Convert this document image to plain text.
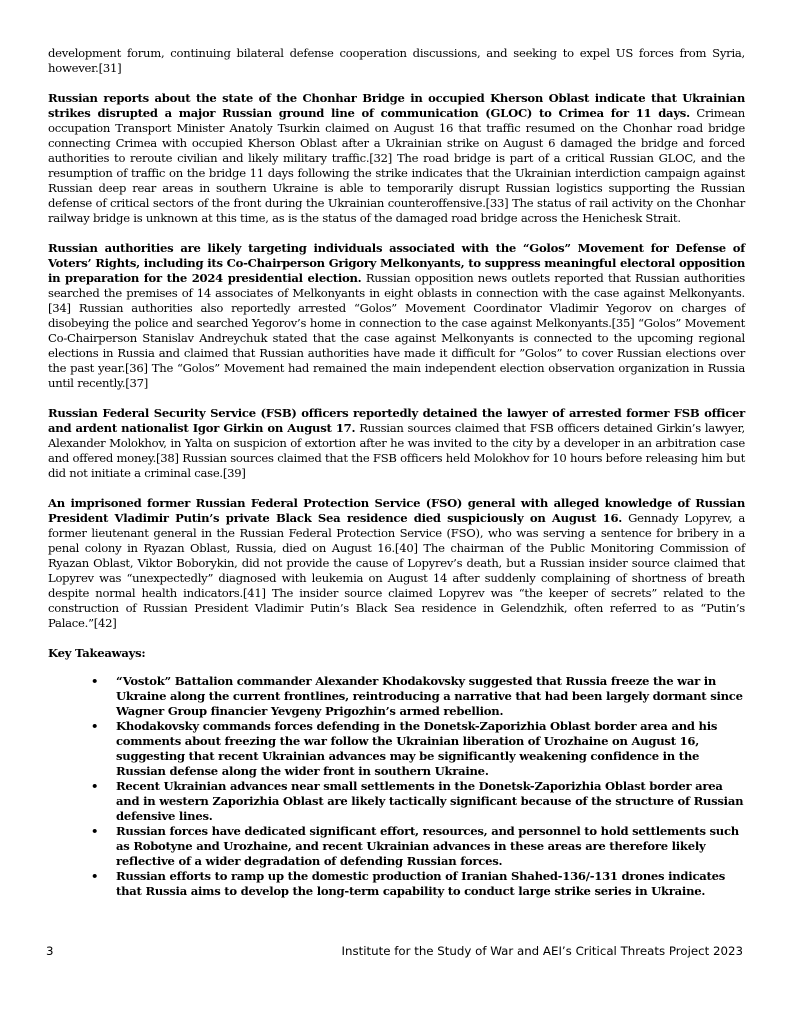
development forum, continuing bilateral defense cooperation discussions, and seeking to expel US forces from Syria, however.[31]

Russian reports about the state of the Chonhar Bridge in occupied Kherson Oblast indicate that Ukrainian strikes disrupted a major Russian ground line of communication (GLOC) to Crimea for 11 days. Crimean occupation Transport Minister Anatoly Tsurkin claimed on August 16 that traffic resumed on the Chonhar road bridge connecting Crimea with occupied Kherson Oblast after a Ukrainian strike on August 6 damaged the bridge and forced authorities to reroute civilian and likely military traffic.[32] The road bridge is part of a critical Russian GLOC, and the resumption of traffic on the bridge 11 days following the strike indicates that the Ukrainian interdiction campaign against Russian deep rear areas in southern Ukraine is able to temporarily disrupt Russian logistics supporting the Russian defense of critical sectors of the front during the Ukrainian counteroffensive.[33] The status of rail activity on the Chonhar railway bridge is unknown at this time, as is the status of the damaged road bridge across the Henichesk Strait.

Russian authorities are likely targeting individuals associated with the “Golos” Movement for Defense of Voters’ Rights, including its Co-Chairperson Grigory Melkonyants, to suppress meaningful electoral opposition in preparation for the 2024 presidential election. Russian opposition news outlets reported that Russian authorities searched the premises of 14 associates of Melkonyants in eight oblasts in connection with the case against Melkonyants.[34] Russian authorities also reportedly arrested “Golos” Movement Coordinator Vladimir Yegorov on charges of disobeying the police and searched Yegorov’s home in connection to the case against Melkonyants.[35] “Golos” Movement Co-Chairperson Stanislav Andreychuk stated that the case against Melkonyants is connected to the upcoming regional elections in Russia and claimed that Russian authorities have made it difficult for ”Golos” to cover Russian elections over the past year.[36] The “Golos” Movement had remained the main independent election observation organization in Russia until recently.[37]

Russian Federal Security Service (FSB) officers reportedly detained the lawyer of arrested former FSB officer and ardent nationalist Igor Girkin on August 17. Russian sources claimed that FSB officers detained Girkin’s lawyer, Alexander Molokhov, in Yalta on suspicion of extortion after he was invited to the city by a developer in an arbitration case and offered money.[38] Russian sources claimed that the FSB officers held Molokhov for 10 hours before releasing him but did not initiate a criminal case.[39]

An imprisoned former Russian Federal Protection Service (FSO) general with alleged knowledge of Russian President Vladimir Putin’s private Black Sea residence died suspiciously on August 16. Gennady Lopyrev, a former lieutenant general in the Russian Federal Protection Service (FSO), who was serving a sentence for bribery in a penal colony in Ryazan Oblast, Russia, died on August 16.[40] The chairman of the Public Monitoring Commission of Ryazan Oblast, Viktor Boborykin, did not provide the cause of Lopyrev’s death, but a Russian insider source claimed that Lopyrev was “unexpectedly” diagnosed with leukemia on August 14 after suddenly complaining of shortness of breath despite normal health indicators.[41] The insider source claimed Lopyrev was “the keeper of secrets” related to the construction of Russian President Vladimir Putin’s Black Sea residence in Gelendzhik, often referred to as “Putin’s Palace.”[42]

Key Takeaways:
• “Vostok” Battalion commander Alexander Khodakovsky suggested that Russia freeze the war in Ukraine along the current frontlines, reintroducing a narrative that had been largely dormant since Wagner Group financier Yevgeny Prigozhin’s armed rebellion.
• Khodakovsky commands forces defending in the Donetsk-Zaporizhia Oblast border area and his comments about freezing the war follow the Ukrainian liberation of Urozhaine on August 16, suggesting that recent Ukrainian advances may be significantly weakening confidence in the Russian defense along the wider front in southern Ukraine.
• Recent Ukrainian advances near small settlements in the Donetsk-Zaporizhia Oblast border area and in western Zaporizhia Oblast are likely tactically significant because of the structure of Russian defensive lines.
• Russian forces have dedicated significant effort, resources, and personnel to hold settlements such as Robotyne and Urozhaine, and recent Ukrainian advances in these areas are therefore likely reflective of a wider degradation of defending Russian forces.
• Russian efforts to ramp up the domestic production of Iranian Shahed-136/-131 drones indicates that Russia aims to develop the long-term capability to conduct large strike series in Ukraine.
3	Institute for the Study of War and AEI’s Critical Threats Project 2023
